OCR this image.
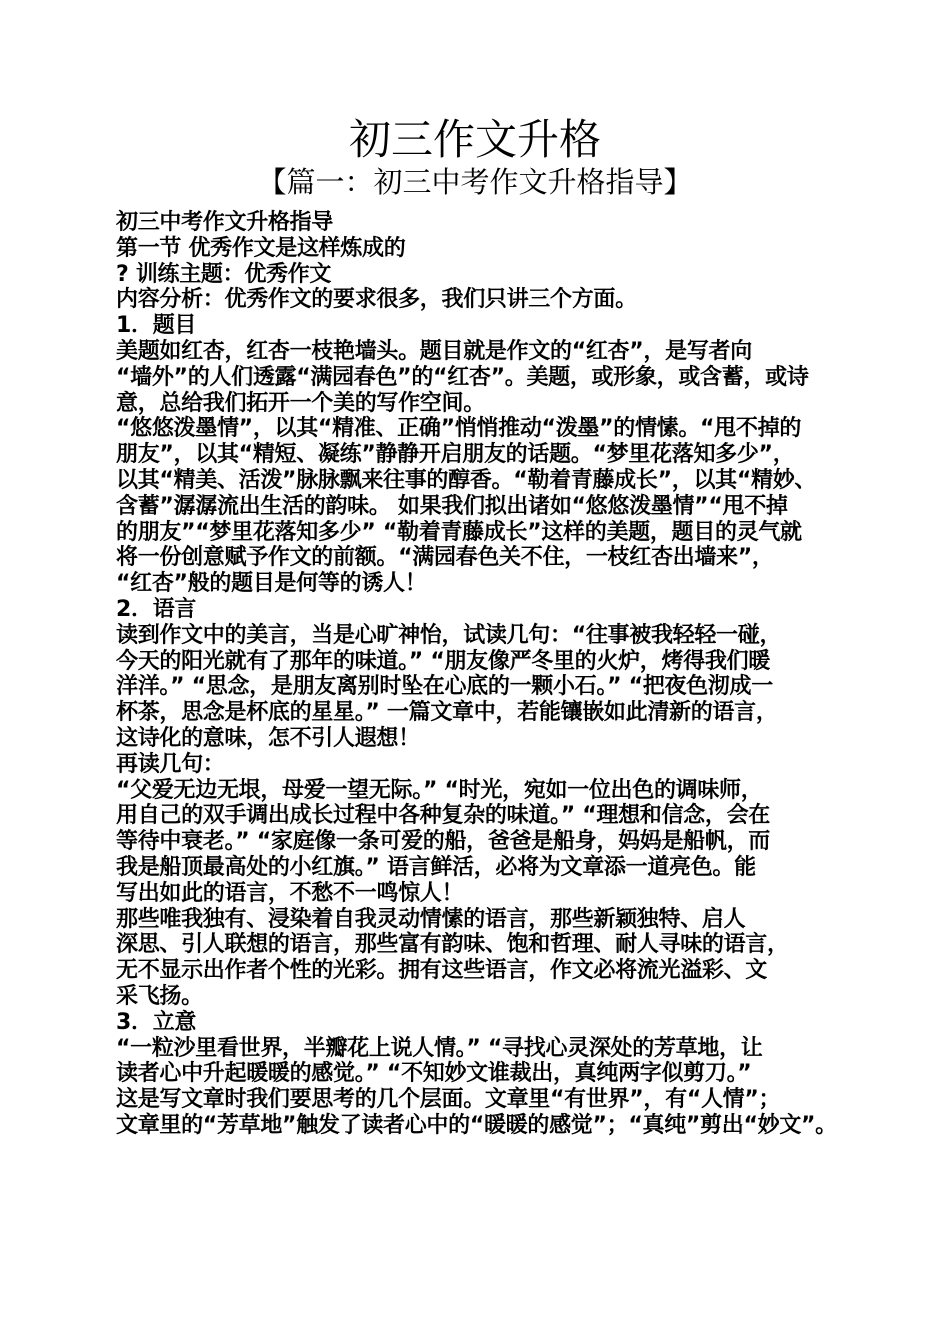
初三作文升格
【篇一：初三中考作文升格指导】
初三中考作文升格指导
第一节 优秀作文是这样炼成的
? 训练主题：优秀作文
内容分析：优秀作文的要求很多，我们只讲三个方面。
1．题目
美题如红杏，红杏一枝艳墙头。题目就是作文的“红杏”，是写者向
“墙外”的人们透露“满园春色”的“红杏”。美题，或形象，或含蓄，或诗
意，总给我们拓开一个美的写作空间。
“悠悠泼墨情”，以其“精准、正确”悄悄推动“泼墨”的情愫。“甩不掉的
朋友”，以其“精短、凝练”静静开启朋友的话题。“梦里花落知多少”，
以其“精美、活泼”脉脉飘来往事的醇香。“勒着青藤成长”，以其“精妙、
含蓄”潺潺流出生活的韵味。 如果我们拟出诸如“悠悠泼墨情”“甩不掉
的朋友”“梦里花落知多少” “勒着青藤成长”这样的美题，题目的灵气就
将一份创意赋予作文的前额。“满园春色关不住，一枝红杏出墙来”，
“红杏”般的题目是何等的诱人！
2．语言
读到作文中的美言，当是心旷神怡，试读几句：“往事被我轻轻一碰，
今天的阳光就有了那年的味道。” “朋友像严冬里的火炉，烤得我们暖
洋洋。” “思念，是朋友离别时坠在心底的一颗小石。” “把夜色沏成一
杯茶，思念是杯底的星星。” 一篇文章中，若能镶嵌如此清新的语言，
这诗化的意味，怎不引人遐想！
再读几句：
“父爱无边无垠，母爱一望无际。” “时光，宛如一位出色的调味师，
用自己的双手调出成长过程中各种复杂的味道。” “理想和信念，会在
等待中衰老。” “家庭像一条可爱的船，爸爸是船身，妈妈是船帆，而
我是船顶最高处的小红旗。” 语言鲜活，必将为文章添一道亮色。能
写出如此的语言，不愁不一鸣惊人！
那些唯我独有、浸染着自我灵动情愫的语言，那些新颖独特、启人
深思、引人联想的语言，那些富有韵味、饱和哲理、耐人寻味的语言，
无不显示出作者个性的光彩。拥有这些语言，作文必将流光溢彩、文
采飞扬。
3．立意
“一粒沙里看世界，半瓣花上说人情。” “寻找心灵深处的芳草地，让
读者心中升起暖暖的感觉。” “不知妙文谁裁出，真纯两字似剪刀。”
这是写文章时我们要思考的几个层面。文章里“有世界”，有“人情”；
文章里的“芳草地”触发了读者心中的“暖暖的感觉”；“真纯”剪出“妙文”。
